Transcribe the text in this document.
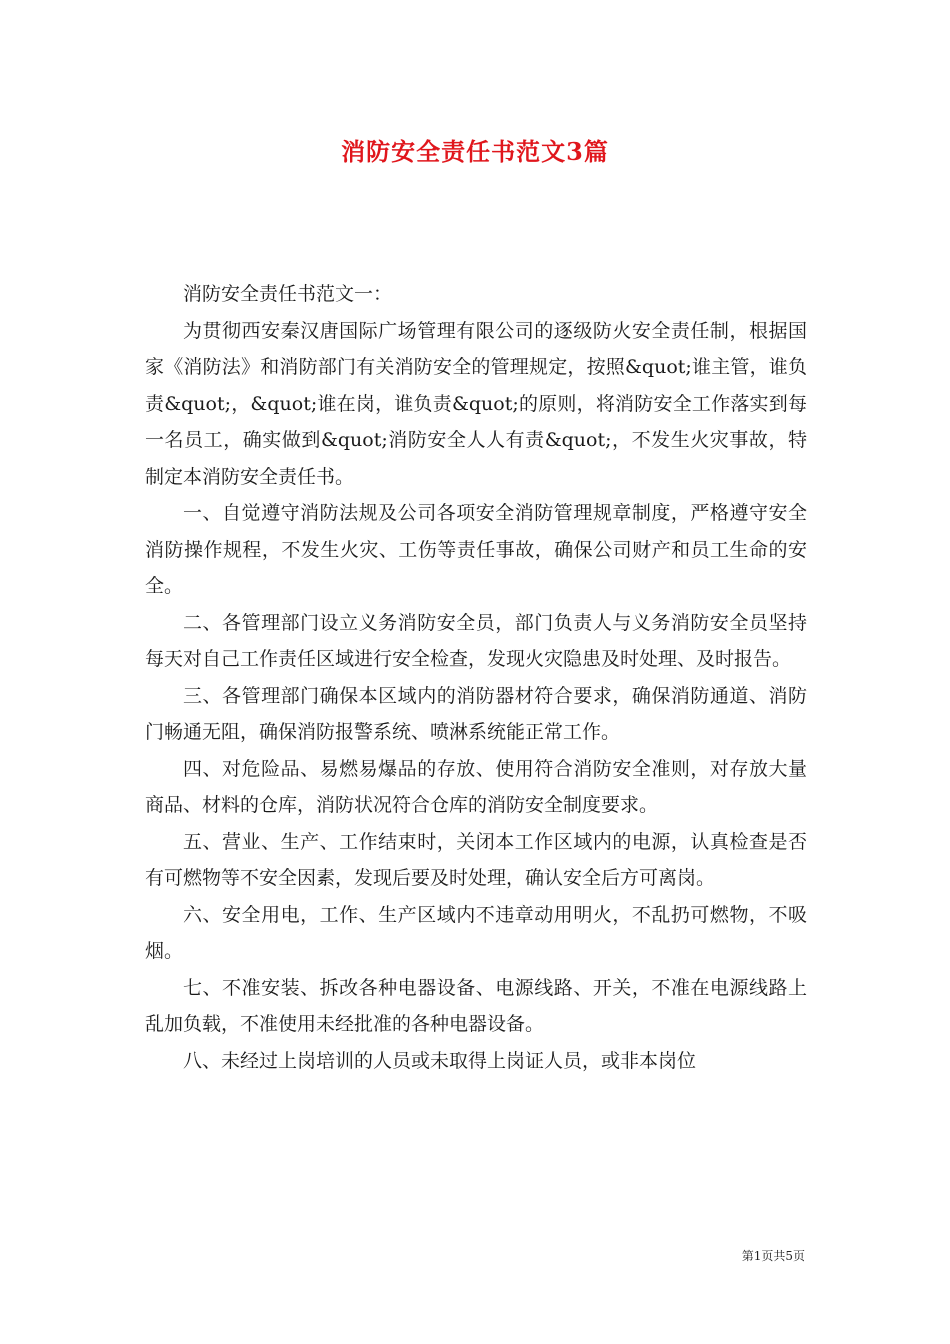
消防安全责任书范文3篇

消防安全责任书范文一：

为贯彻西安秦汉唐国际广场管理有限公司的逐级防火安全责任制，根据国家《消防法》和消防部门有关消防安全的管理规定，按照&quot;谁主管，谁负责&quot;，&quot;谁在岗，谁负责&quot;的原则，将消防安全工作落实到每一名员工，确实做到&quot;消防安全人人有责&quot;，不发生火灾事故，特制定本消防安全责任书。

一、自觉遵守消防法规及公司各项安全消防管理规章制度，严格遵守安全消防操作规程，不发生火灾、工伤等责任事故，确保公司财产和员工生命的安全。

二、各管理部门设立义务消防安全员，部门负责人与义务消防安全员坚持每天对自己工作责任区域进行安全检查，发现火灾隐患及时处理、及时报告。

三、各管理部门确保本区域内的消防器材符合要求，确保消防通道、消防门畅通无阻，确保消防报警系统、喷淋系统能正常工作。

四、对危险品、易燃易爆品的存放、使用符合消防安全准则，对存放大量商品、材料的仓库，消防状况符合仓库的消防安全制度要求。

五、营业、生产、工作结束时，关闭本工作区域内的电源，认真检查是否有可燃物等不安全因素，发现后要及时处理，确认安全后方可离岗。

六、安全用电，工作、生产区域内不违章动用明火，不乱扔可燃物，不吸烟。

七、不准安装、拆改各种电器设备、电源线路、开关，不准在电源线路上乱加负载，不准使用未经批准的各种电器设备。

八、未经过上岗培训的人员或未取得上岗证人员，或非本岗位

第1页共5页
